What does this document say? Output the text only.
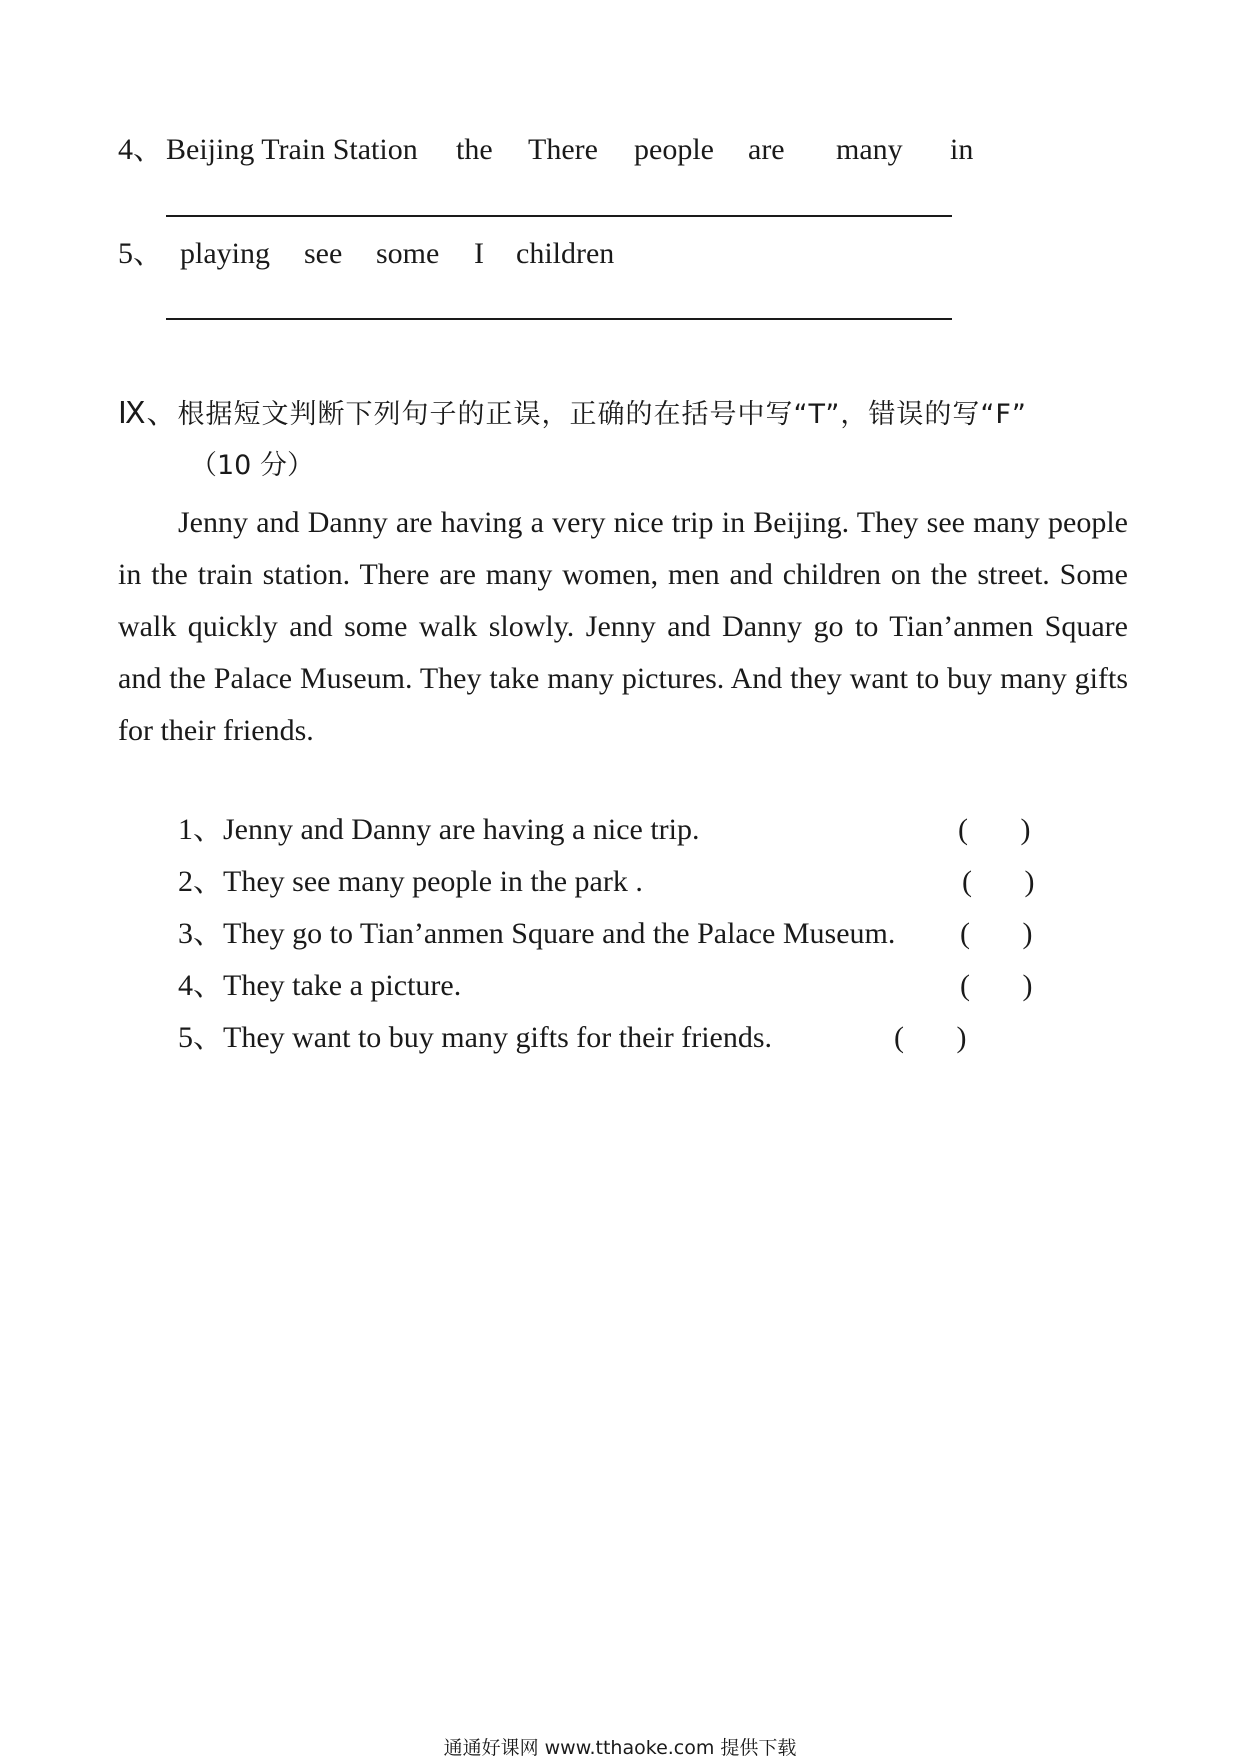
4、 Beijing Train Station the There people are many in
5、 playing see some I children
Ⅸ、根据短文判断下列句子的正误，正确的在括号中写“T”，错误的写“F”
（10 分）
Jenny and Danny are having a very nice trip in Beijing. They see many people in the train station. There are many women, men and children on the street. Some walk quickly and some walk slowly. Jenny and Danny go to Tian’anmen Square and the Palace Museum. They take many pictures. And they want to buy many gifts for their friends.
1、Jenny and Danny are having a nice trip.	(       )
2、They see many people in the park .	(       )
3、They go to Tian’anmen Square and the Palace Museum. (       )
4、They take a picture.	(       )
5、They want to buy many gifts for their friends.	(       )
通通好课网 www.tthaoke.com 提供下载
